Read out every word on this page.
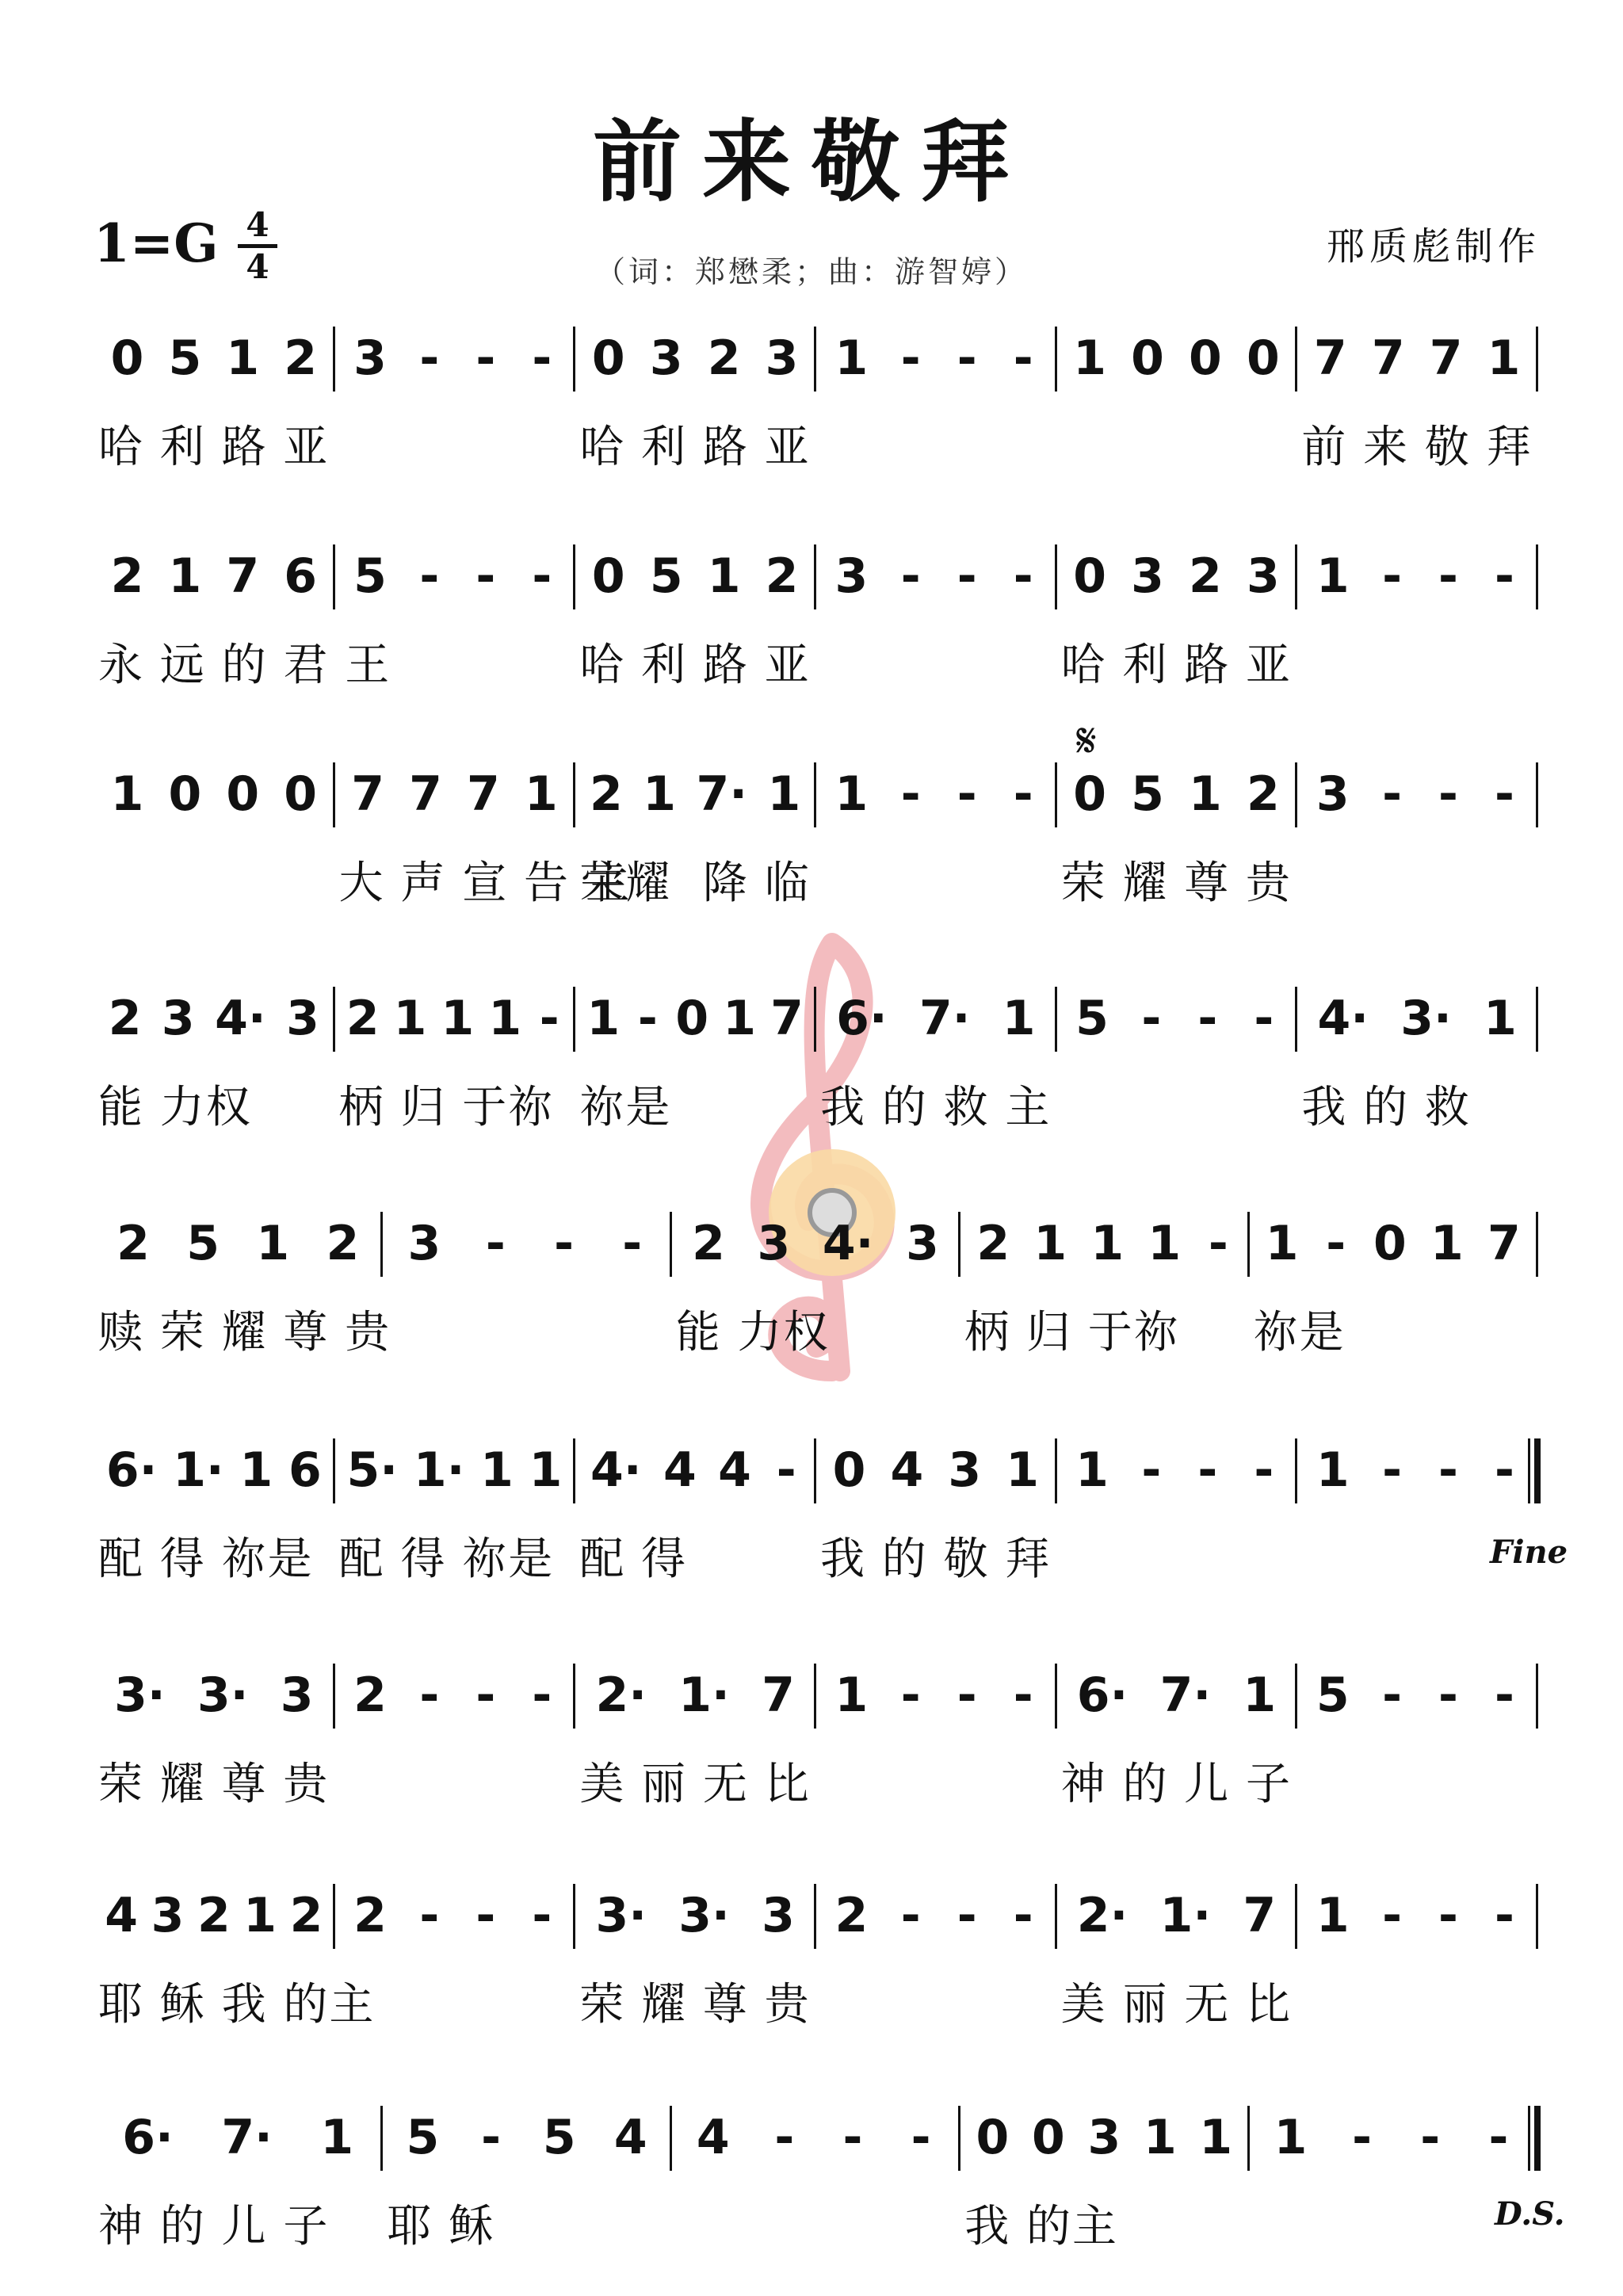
前来敬拜
1=G 4
4	（词：郑懋柔；曲：游智婷）
邢质彪制作
0 5 1 2
哈 利 路 亚
3 - - - 0 3 2 3
哈 利 路 亚
1 - - - 1 0 0 0 7 7 7 1
前 来 敬 拜
2 1 7 6
永 远 的 君 王
5 - - - 0 5 1 2
哈 利 路 亚
3 - - - 0 3 2 3
哈 利 路 亚
1 - - -
1 0 0 0 7 7 7 1
大 声 宣 告 主
2 1 7· 1
荣耀  降 临
1 - - - 0 5 1 2
荣 耀 尊 贵
3 - - -
2 3 4· 3
能 力权
2 1 1 1 -
柄 归 于祢
1 - 0 1 7
祢是
6· 7· 1
我 的 救 主
5 - - - 4· 3· 1
我 的 救
2 5 1 2
赎 荣 耀 尊 贵
3 - - - 2 3 4· 3
能 力权
2 1 1 1 -
柄 归 于祢
1 - 0 1 7
祢是
6· 1· 1 6
配 得 祢是
5· 1· 1 1
配 得 祢是
4· 4 4 -
配 得
0 4 3 1
我 的 敬 拜
1 - - - 1 - - -
3· 3· 3
荣 耀 尊 贵
2 - - - 2· 1· 7
美 丽 无 比
1 - - - 6· 7· 1
神 的 儿 子
5 - - -
4 3 2 1 2
耶 稣 我 的主
2 - - - 3· 3· 3
荣 耀 尊 贵
2 - - - 2· 1· 7
美 丽 无 比
1 - - -
6· 7· 1
神 的 儿 子
5 - 5 4
耶 稣
4 - - - 0 0 3 1 1
我 的主
1 - - -
𝄋
Fine
D.S.
